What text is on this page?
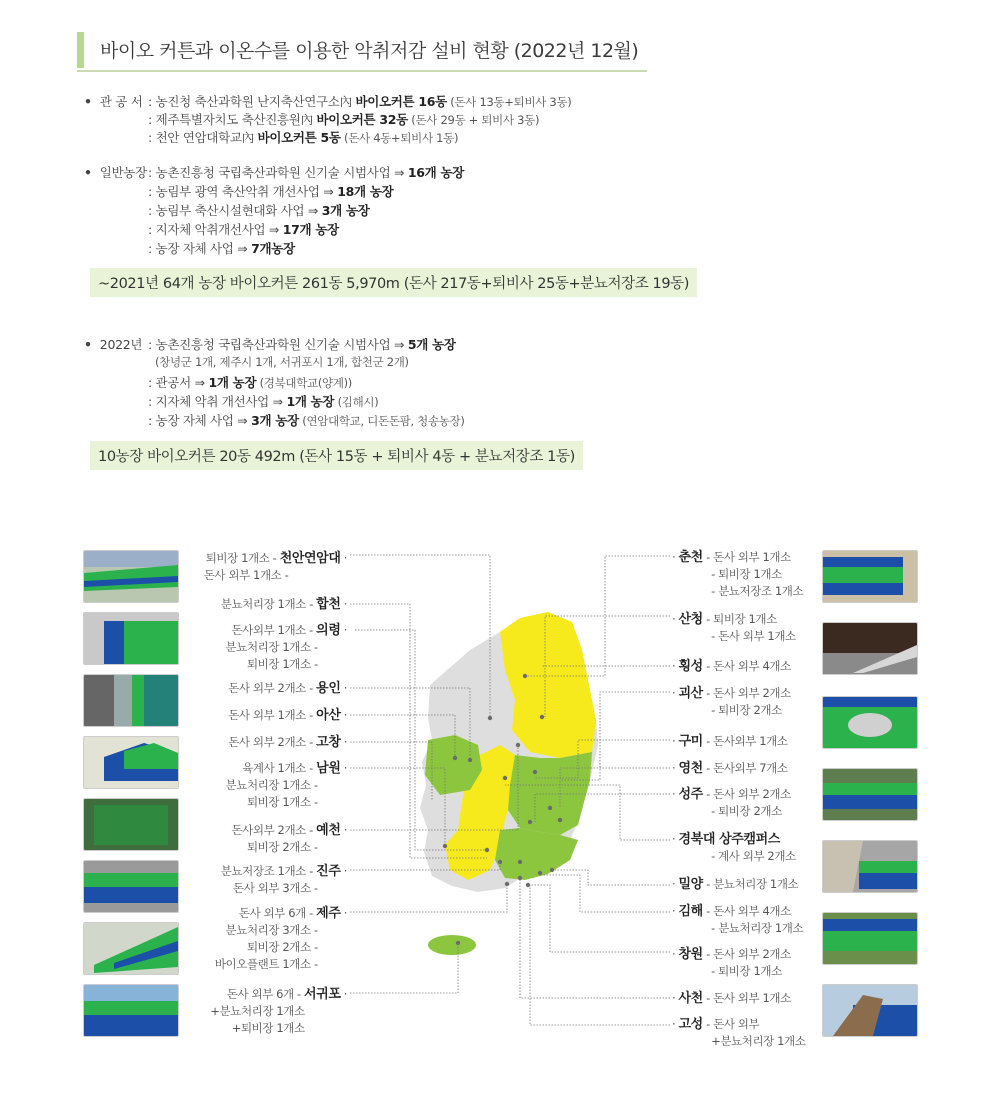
바이오 커튼과 이온수를 이용한 악취저감 설비 현황 (2022년 12월)
•  관 공 서 : 농진청 축산과학원 난지축산연구소內 바이오커튼 16동 (돈사 13동+퇴비사 3동)
: 제주특별자치도 축산진흥원內 바이오커튼 32동 (돈사 29동 + 퇴비사 3동)
: 천안 연암대학교內 바이오커튼 5동 (돈사 4동+퇴비사 1동)
•  일반농장 : 농촌진흥청 국립축산과학원 신기술 시범사업 ⇒ 16개 농장
: 농림부 광역 축산악취 개선사업 ⇒ 18개 농장
: 농림부 축산시설현대화 사업 ⇒ 3개 농장
: 지자체 악취개선사업 ⇒ 17개 농장
: 농장 자체 사업 ⇒ 7개농장
~2021년 64개 농장 바이오커튼 261동 5,970m (돈사 217동+퇴비사 25동+분뇨저장조 19동)
•  2022년 : 농촌진흥청 국립축산과학원 신기술 시범사업 ⇒ 5개 농장
(창녕군 1개, 제주시 1개, 서귀포시 1개, 합천군 2개)
: 관공서 ⇒ 1개 농장 (경북대학교(양계))
: 지자체 악취 개선사업 ⇒ 1개 농장 (김해시)
: 농장 자체 사업 ⇒ 3개 농장 (연암대학교, 디돈돈팜, 청송농장)
10농장 바이오커튼 20동 492m (돈사 15동 + 퇴비사 4동 + 분뇨저장조 1동)
퇴비장 1개소 - 천안연암대 ·
돈사 외부 1개소 -
분뇨처리장 1개소 - 합천 ·
돈사외부 1개소 - 의령 ·
분뇨처리장 1개소 -
퇴비장 1개소 -
돈사 외부 2개소 - 용인 ·
돈사 외부 1개소 - 아산 ·
돈사 외부 2개소 - 고창 ·
육계사 1개소 - 남원 ·
분뇨처리장 1개소 -
퇴비장 1개소 -
돈사외부 2개소 - 예천 ·
퇴비장 2개소 -
분뇨저장조 1개소 - 진주 ·
돈사 외부 3개소 -
돈사 외부 6개 - 제주 ·
분뇨처리장 3개소 -
퇴비장 2개소 -
바이오플랜트 1개소 -
돈사 외부 6개 - 서귀포 ·
+분뇨처리장 1개소
+퇴비장 1개소
· 춘천 - 돈사 외부 1개소
- 퇴비장 1개소
- 분뇨저장조 1개소
· 산청 - 퇴비장 1개소
- 돈사 외부 1개소
· 횡성 - 돈사 외부 4개소
· 괴산 - 돈사 외부 2개소
- 퇴비장 2개소
· 구미 - 돈사외부 1개소
· 영천 - 돈사외부 7개소
· 성주 - 돈사 외부 2개소
- 퇴비장 2개소
· 경북대 상주캠퍼스
- 계사 외부 2개소
· 밀양 - 분뇨처리장 1개소
· 김해 - 돈사 외부 4개소
- 분뇨처리장 1개소
· 창원 - 돈사 외부 2개소
- 퇴비장 1개소
· 사천 - 돈사 외부 1개소
· 고성 - 돈사 외부
+분뇨처리장 1개소
